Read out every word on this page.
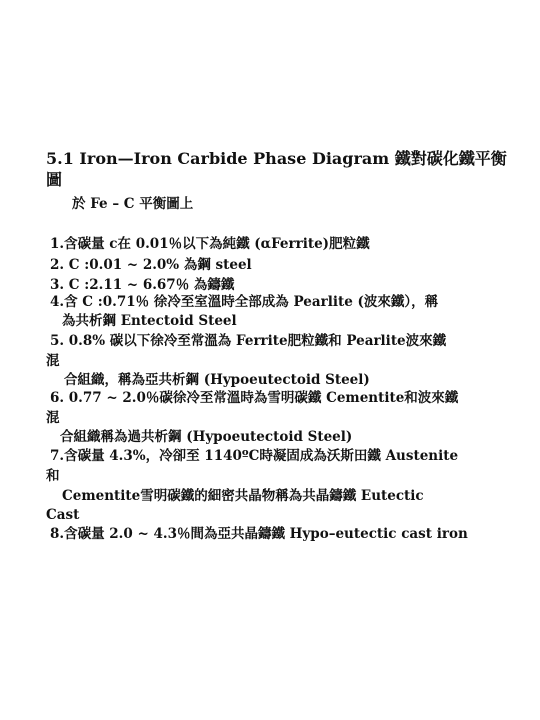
5.1 Iron—Iron Carbide Phase Diagram 鐵對碳化鐵平衡
圖
於 Fe – C 平衡圖上
1.含碳量 c在 0.01％以下為純鐵 (αFerrite)肥粒鐵
2. C :0.01 ~ 2.0% 為鋼 steel
3. C :2.11 ~ 6.67％ 為鑄鐵
4.含 C :0.71％ 徐冷至室溫時全部成為 Pearlite (波來鐵），稱
為共析鋼 Entectoid Steel
5. 0.8% 碳以下徐冷至常溫為 Ferrite肥粒鐵和 Pearlite波來鐵
混
合組織，稱為亞共析鋼 (Hypoeutectoid Steel)
6. 0.77 ~ 2.0％碳徐冷至常溫時為雪明碳鐵 Cementite和波來鐵
混
合組織稱為過共析鋼 (Hypoeutectoid Steel)
7.含碳量 4.3%，冷卻至 1140ºC時凝固成為沃斯田鐵 Austenite
和
Cementite雪明碳鐵的細密共晶物稱為共晶鑄鐵 Eutectic
Cast
8.含碳量 2.0 ~ 4.3％間為亞共晶鑄鐵 Hypo–eutectic cast iron
